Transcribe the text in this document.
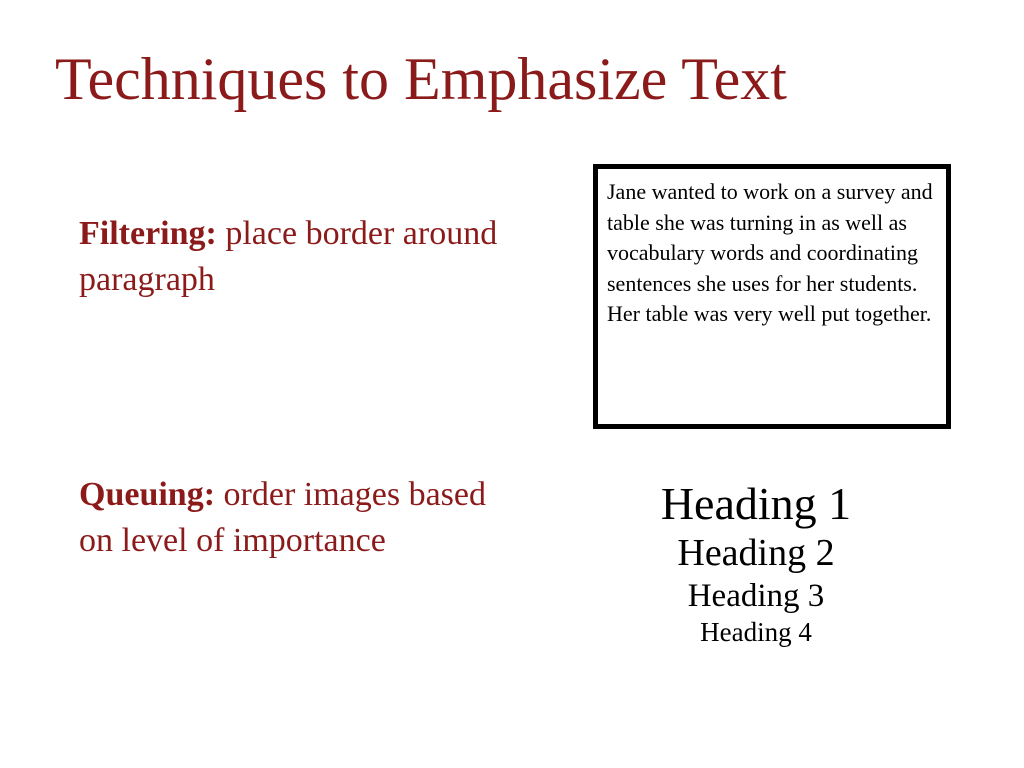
Techniques to Emphasize Text

Filtering: place border around paragraph

Queuing: order images based on level of importance

Jane wanted to work on a survey and table she was turning in as well as vocabulary words and coordinating sentences she uses for her students. Her table was very well put together.

Heading 1
Heading 2
Heading 3
Heading 4
